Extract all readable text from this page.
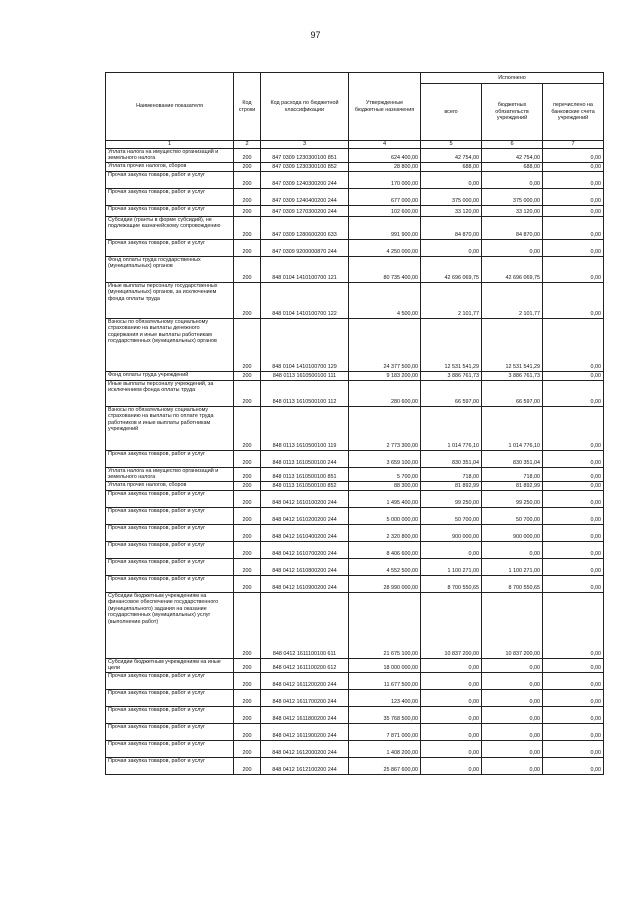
97
Наименование показателя	Код строки	Код расхода по бюджетной классификации	Утвержденные бюджетные назначения	Исполнено		
				всего	бюджетных обязательств учреждений	перечислено на банковские счета учреждений
1	2	3	4	5	6	7
Уплата налога на имущество организаций и земельного налога	200	847 0309 1230300100 851	624 400,00	42 754,00	42 754,00	0,00
Уплата прочих налогов, сборов	200	847 0309 1230300100 852	28 800,00	688,00	688,00	0,00
Прочая закупка товаров, работ и услуг	200	847 0309 1240300200 244	170 000,00	0,00	0,00	0,00
Прочая закупка товаров, работ и услуг	200	847 0309 1240400200 244	677 000,00	375 000,00	375 000,00	0,00
Прочая закупка товаров, работ и услуг	200	847 0309 1270300200 244	102 600,00	33 120,00	33 120,00	0,00
Субсидии (гранты в форме субсидий), не подлежащие казначейскому сопровождению	200	847 0309 1280600200 633	991 900,00	84 870,00	84 870,00	0,00
Прочая закупка товаров, работ и услуг	200	847 0309 9200000870 244	4 250 000,00	0,00	0,00	0,00
Фонд оплаты труда государственных (муниципальных) органов	200	848 0104 1410100700 121	80 735 400,00	42 696 069,75	42 696 069,75	0,00
Иные выплаты персоналу государственных (муниципальных) органов, за исключением фонда оплаты труда	200	848 0104 1410100700 122	4 500,00	2 101,77	2 101,77	0,00
Взносы по обязательному социальному страхованию на выплаты денежного содержания и иные выплаты работникам государственных (муниципальных) органов	200	848 0104 1410100700 129	24 377 500,00	12 531 541,29	12 531 541,29	0,00
Фонд оплаты труда учреждений	200	848 0113 1610500100 111	9 183 200,00	3 886 761,73	3 886 761,73	0,00
Иные выплаты персоналу учреждений, за исключением фонда оплаты труда	200	848 0113 1610500100 112	280 600,00	66 597,00	66 597,00	0,00
Взносы по обязательному социальному страхованию на выплаты по оплате труда работников и иные выплаты работникам учреждений	200	848 0113 1610500100 119	2 773 300,00	1 014 776,10	1 014 776,10	0,00
Прочая закупка товаров, работ и услуг	200	848 0113 1610500100 244	3 659 100,00	830 351,04	830 351,04	0,00
Уплата налога на имущество организаций и земельного налога	200	848 0113 1610500100 851	5 700,00	718,00	718,00	0,00
Уплата прочих налогов, сборов	200	848 0113 1610500100 852	88 300,00	81 892,99	81 892,99	0,00
Прочая закупка товаров, работ и услуг	200	848 0412 1610100200 244	1 495 400,00	99 250,00	99 250,00	0,00
Прочая закупка товаров, работ и услуг	200	848 0412 1610200200 244	5 000 000,00	50 700,00	50 700,00	0,00
Прочая закупка товаров, работ и услуг	200	848 0412 1610400200 244	2 320 800,00	900 000,00	900 000,00	0,00
Прочая закупка товаров, работ и услуг	200	848 0412 1610700200 244	8 406 600,00	0,00	0,00	0,00
Прочая закупка товаров, работ и услуг	200	848 0412 1610800200 244	4 552 500,00	1 100 271,00	1 100 271,00	0,00
Прочая закупка товаров, работ и услуг	200	848 0412 1610900200 244	28 990 000,00	8 700 550,65	8 700 550,65	0,00
Субсидии бюджетным учреждениям на финансовое обеспечение государственного (муниципального) задания на оказание государственных (муниципальных) услуг (выполнение работ)	200	848 0412 1611100100 611	21 675 100,00	10 837 200,00	10 837 200,00	0,00
Субсидии бюджетным учреждениям на иные цели	200	848 0412 1611100200 612	18 000 000,00	0,00	0,00	0,00
Прочая закупка товаров, работ и услуг	200	848 0412 1611200200 244	11 677 500,00	0,00	0,00	0,00
Прочая закупка товаров, работ и услуг	200	848 0412 1611700200 244	123 400,00	0,00	0,00	0,00
Прочая закупка товаров, работ и услуг	200	848 0412 1611800200 244	35 768 500,00	0,00	0,00	0,00
Прочая закупка товаров, работ и услуг	200	848 0412 1611900200 244	7 871 000,00	0,00	0,00	0,00
Прочая закупка товаров, работ и услуг	200	848 0412 1612000200 244	1 408 200,00	0,00	0,00	0,00
Прочая закупка товаров, работ и услуг	200	848 0412 1612100200 244	25 867 600,00	0,00	0,00	0,00
